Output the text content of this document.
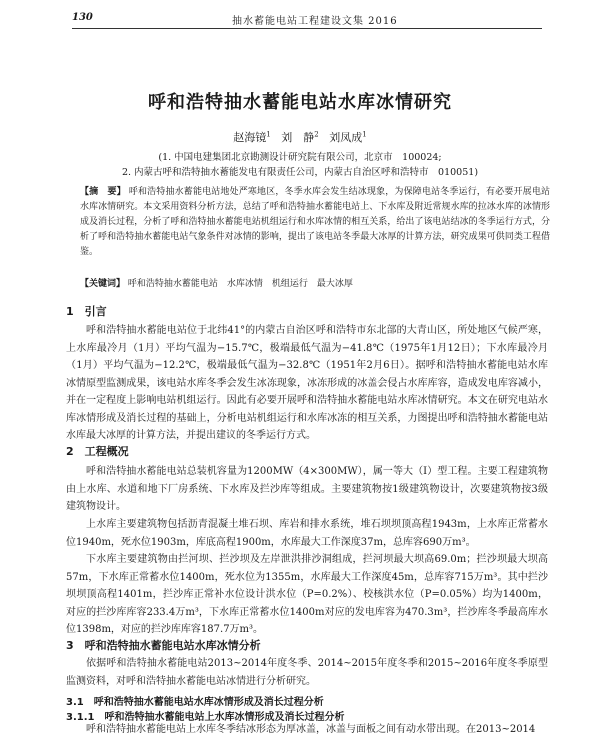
130	抽水蓄能电站工程建设文集 2016
呼和浩特抽水蓄能电站水库冰情研究
赵海镜$^1$ 刘　静$^2$ 刘凤成$^1$
(1. 中国电建集团北京勘测设计研究院有限公司，北京市　100024;
2. 内蒙古呼和浩特抽水蓄能发电有限责任公司，内蒙古自治区呼和浩特市　010051)
【摘　要】 呼和浩特抽水蓄能电站地处严寒地区，冬季水库会发生结冰现象，为保障电站冬季运行，有必要开展电站水库冰情研究。本文采用资料分析方法，总结了呼和浩特抽水蓄能电站上、下水库及附近常规水库的拉冰水库的冰情形成及消长过程，分析了呼和浩特抽水蓄能电站机组运行和水库冰情的相互关系，给出了该电站结冰的冬季运行方式，分析了呼和浩特抽水蓄能电站气象条件对冰情的影响，提出了该电站冬季最大冰厚的计算方法，研究成果可供同类工程借鉴。
【关键词】 呼和浩特抽水蓄能电站　水库冰情　机组运行　最大冰厚
1　引言
呼和浩特抽水蓄能电站位于北纬41°的内蒙古自治区呼和浩特市东北部的大青山区，所处地区气候严寒，上水库最冷月（1月）平均气温为−15.7℃，极端最低气温为−41.8℃（1975年1月12日）；下水库最冷月（1月）平均气温为−12.2℃，极端最低气温为−32.8℃（1951年2月6日）。据呼和浩特抽水蓄能电站水库冰情原型监测成果，该电站水库冬季会发生冰冻现象，冰冻形成的冰盖会侵占水库库容，造成发电库容减小，并在一定程度上影响电站机组运行。因此有必要开展呼和浩特抽水蓄能电站水库冰情研究。本文在研究电站水库冰情形成及消长过程的基础上，分析电站机组运行和水库冰冻的相互关系，力图提出呼和浩特抽水蓄能电站水库最大冰厚的计算方法，并提出建议的冬季运行方式。
2　工程概况
呼和浩特抽水蓄能电站总装机容量为1200MW（4×300MW），属一等大（Ⅰ）型工程。主要工程建筑物由上水库、水道和地下厂房系统、下水库及拦沙库等组成。主要建筑物按1级建筑物设计，次要建筑物按3级建筑物设计。
上水库主要建筑物包括沥青混凝土堆石坝、库岩和排水系统，堆石坝坝顶高程1943m，上水库正常蓄水位1940m，死水位1903m，库底高程1900m，水库最大工作深度37m，总库容690万m³。
下水库主要建筑物由拦河坝、拦沙坝及左岸泄洪排沙洞组成，拦河坝最大坝高69.0m；拦沙坝最大坝高57m，下水库正常蓄水位1400m，死水位为1355m，水库最大工作深度45m，总库容715万m³。其中拦沙坝坝顶高程1401m，拦沙库正常补水位设计洪水位（P=0.2%）、校核洪水位（P=0.05%）均为1400m，对应的拦沙库库容233.4万m³，下水库正常蓄水位1400m对应的发电库容为470.3m³，拦沙库冬季最高库水位1398m，对应的拦沙库库容187.7万m³。
3　呼和浩特抽水蓄能电站水库冰情分析
依据呼和浩特抽水蓄能电站2013~2014年度冬季、2014~2015年度冬季和2015~2016年度冬季原型监测资料，对呼和浩特抽水蓄能电站冰情进行分析研究。
3.1　呼和浩特抽水蓄能电站水库冰情形成及消长过程分析
3.1.1　呼和浩特抽水蓄能电站上水库冰情形成及消长过程分析
呼和浩特抽水蓄能电站上水库冬季结冰形态为厚冰盖，冰盖与面板之间有动水带出现。在2013~2014
